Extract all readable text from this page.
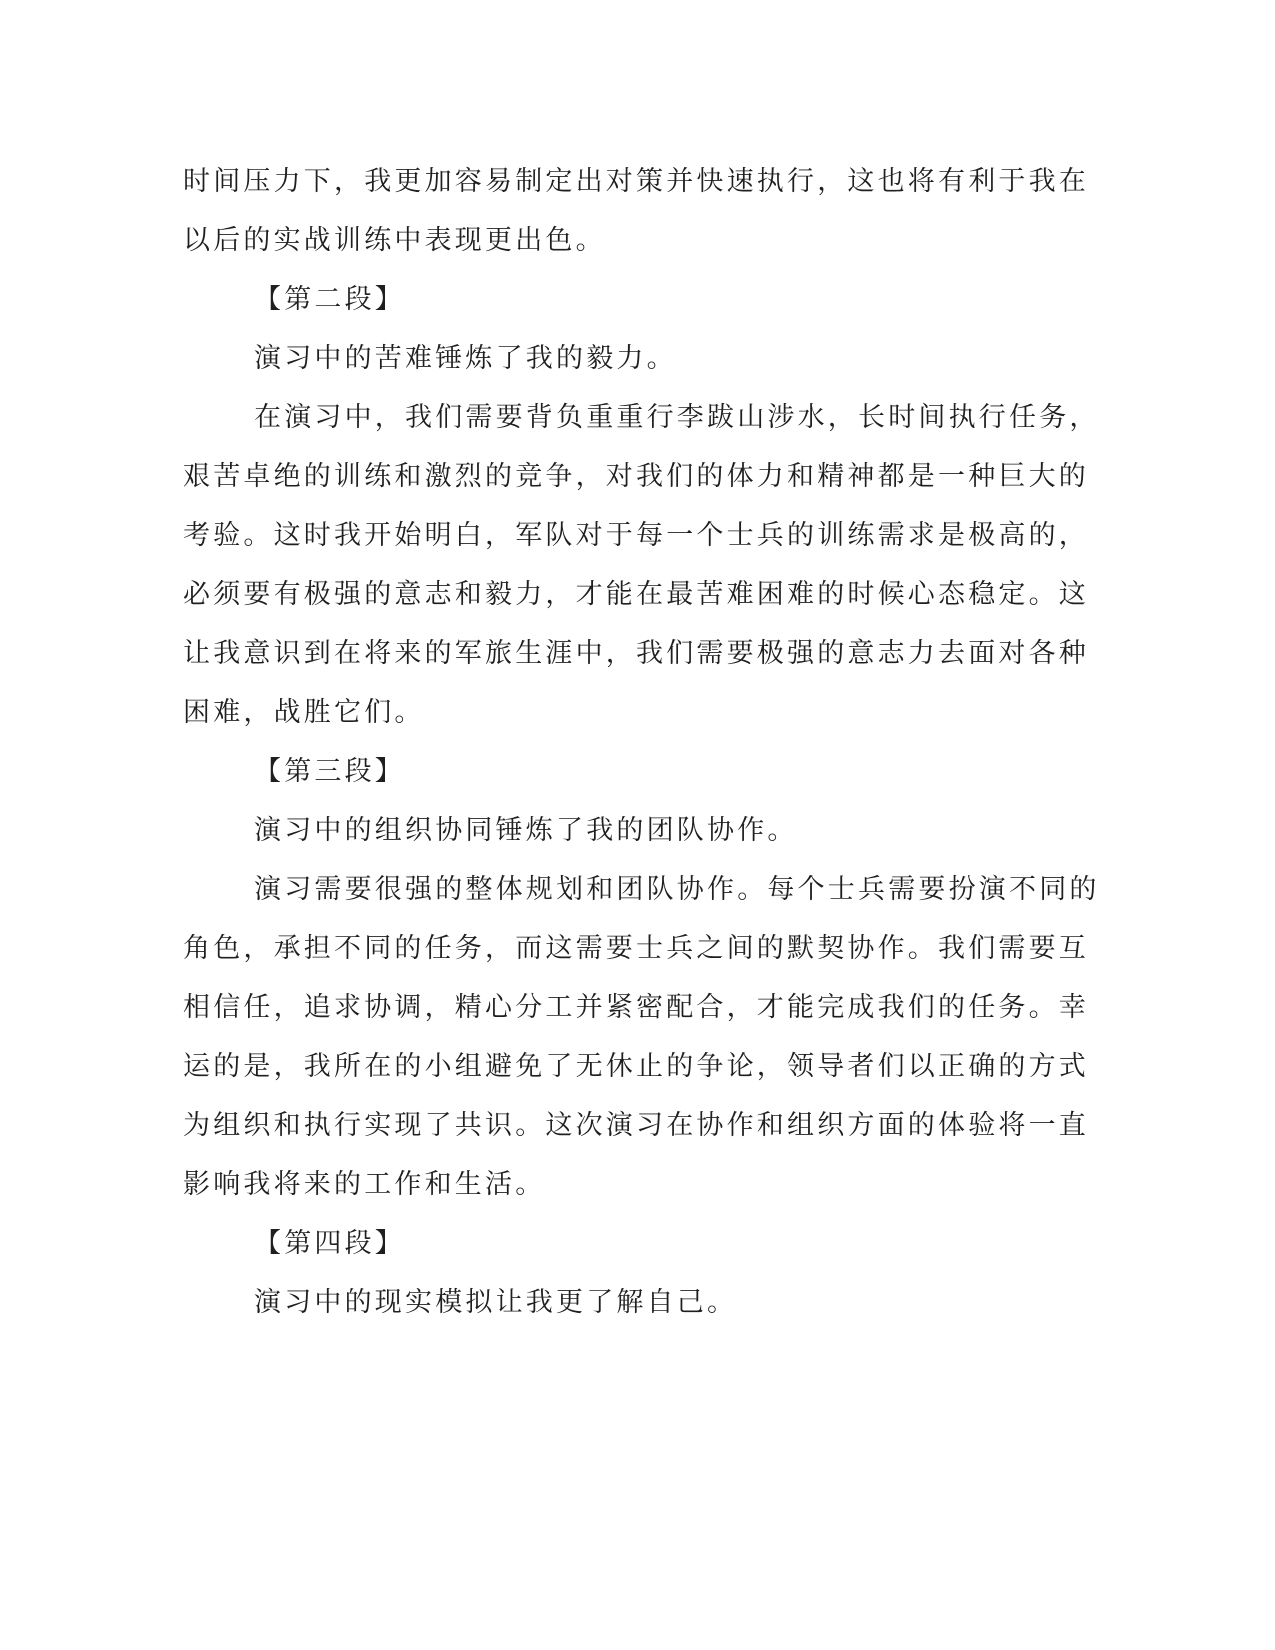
时间压力下，我更加容易制定出对策并快速执行，这也将有利于我在
以后的实战训练中表现更出色。
【第二段】
演习中的苦难锤炼了我的毅力。
在演习中，我们需要背负重重行李跋山涉水，长时间执行任务，
艰苦卓绝的训练和激烈的竞争，对我们的体力和精神都是一种巨大的
考验。这时我开始明白，军队对于每一个士兵的训练需求是极高的，
必须要有极强的意志和毅力，才能在最苦难困难的时候心态稳定。这
让我意识到在将来的军旅生涯中，我们需要极强的意志力去面对各种
困难，战胜它们。
【第三段】
演习中的组织协同锤炼了我的团队协作。
演习需要很强的整体规划和团队协作。每个士兵需要扮演不同的
角色，承担不同的任务，而这需要士兵之间的默契协作。我们需要互
相信任，追求协调，精心分工并紧密配合，才能完成我们的任务。幸
运的是，我所在的小组避免了无休止的争论，领导者们以正确的方式
为组织和执行实现了共识。这次演习在协作和组织方面的体验将一直
影响我将来的工作和生活。
【第四段】
演习中的现实模拟让我更了解自己。
